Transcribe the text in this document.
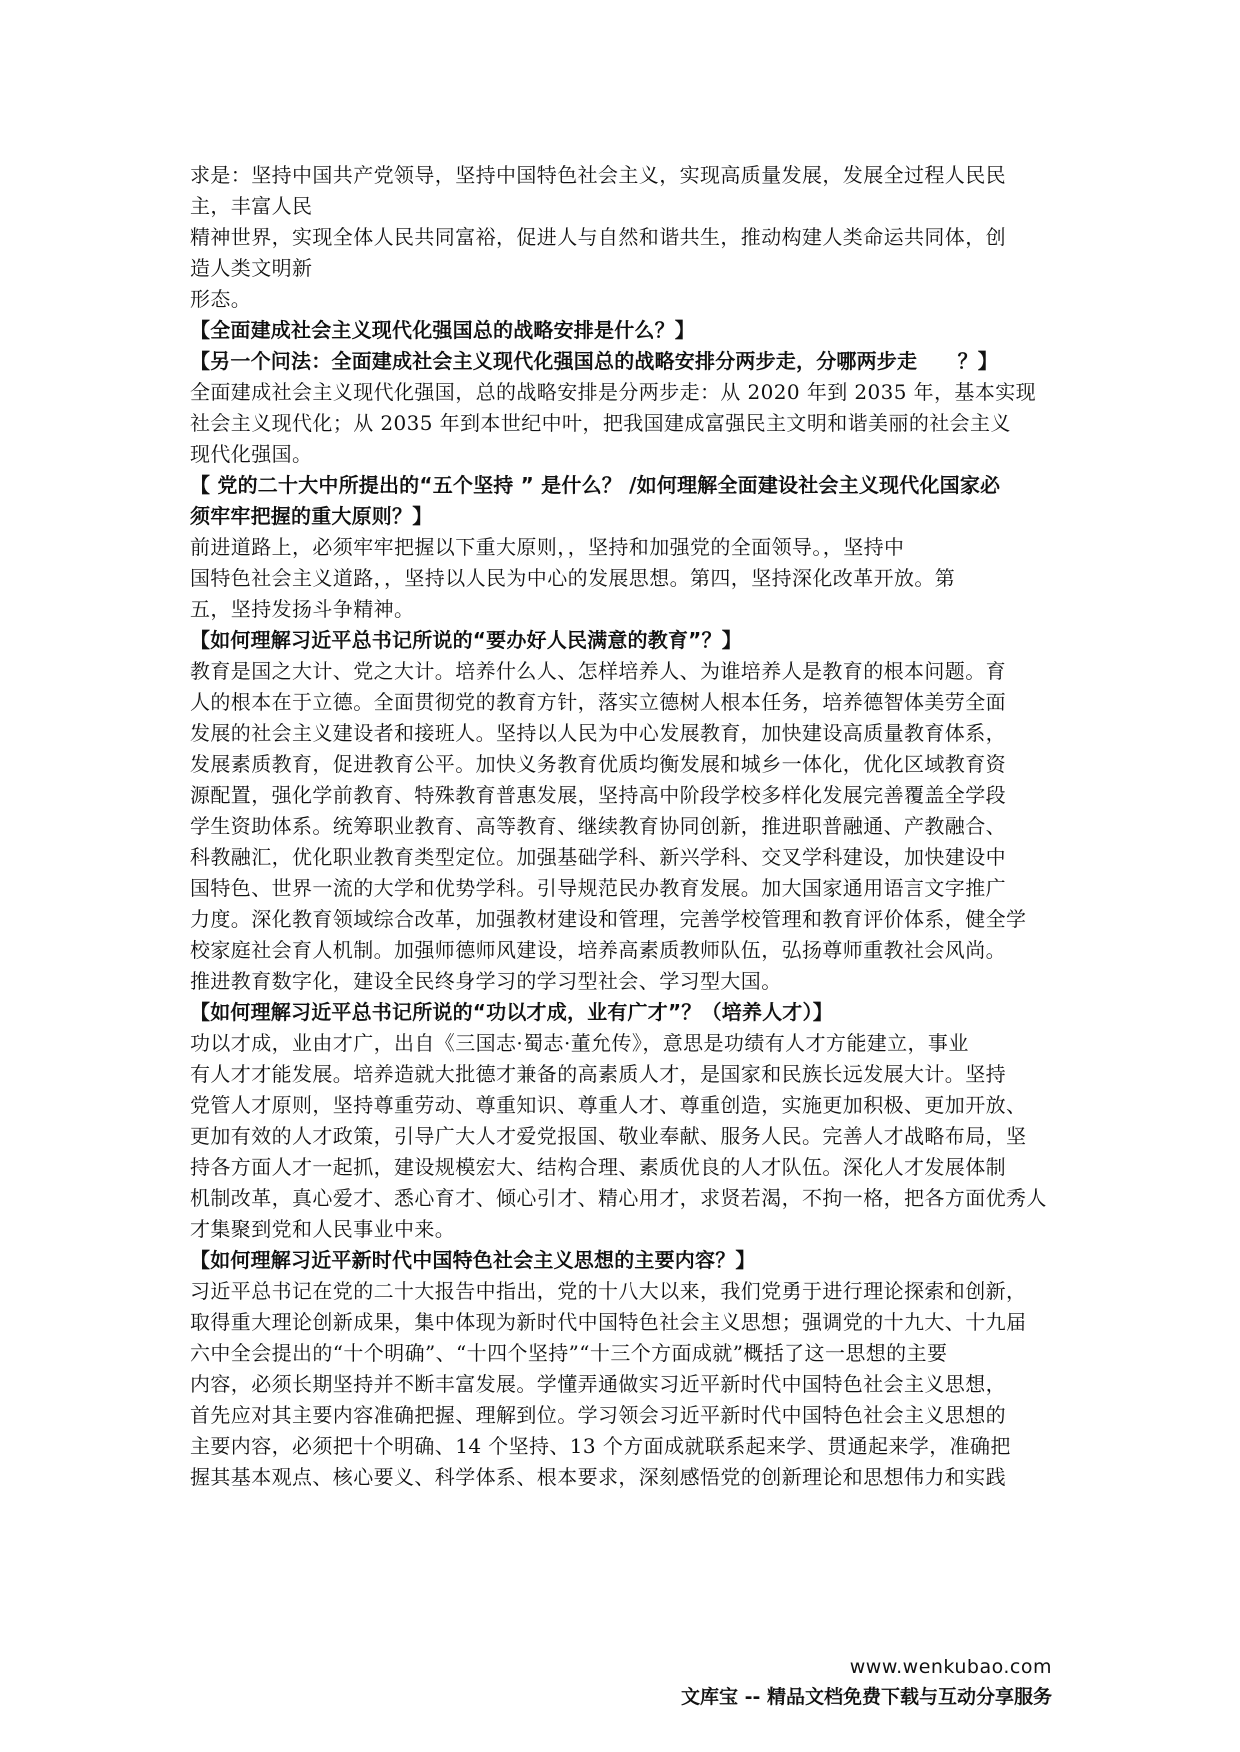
求是：坚持中国共产党领导，坚持中国特色社会主义，实现高质量发展，发展全过程人民民
主，丰富人民
精神世界，实现全体人民共同富裕，促进人与自然和谐共生，推动构建人类命运共同体，创
造人类文明新
形态。
【全面建成社会主义现代化强国总的战略安排是什么？】
【另一个问法：全面建成社会主义现代化强国总的战略安排分两步走，分哪两步走　　？】
全面建成社会主义现代化强国，总的战略安排是分两步走：从 2020 年到 2035 年，基本实现
社会主义现代化；从 2035 年到本世纪中叶，把我国建成富强民主文明和谐美丽的社会主义
现代化强国。
【 党的二十大中所提出的“五个坚持 ” 是什么？ /如何理解全面建设社会主义现代化国家必
须牢牢把握的重大原则？】
前进道路上，必须牢牢把握以下重大原则，，坚持和加强党的全面领导。，坚持中
国特色社会主义道路，，坚持以人民为中心的发展思想。第四，坚持深化改革开放。第
五，坚持发扬斗争精神。
【如何理解习近平总书记所说的“要办好人民满意的教育”？】
教育是国之大计、党之大计。培养什么人、怎样培养人、为谁培养人是教育的根本问题。育
人的根本在于立德。全面贯彻党的教育方针，落实立德树人根本任务，培养德智体美劳全面
发展的社会主义建设者和接班人。坚持以人民为中心发展教育，加快建设高质量教育体系，
发展素质教育，促进教育公平。加快义务教育优质均衡发展和城乡一体化，优化区域教育资
源配置，强化学前教育、特殊教育普惠发展，坚持高中阶段学校多样化发展完善覆盖全学段
学生资助体系。统筹职业教育、高等教育、继续教育协同创新，推进职普融通、产教融合、
科教融汇，优化职业教育类型定位。加强基础学科、新兴学科、交叉学科建设，加快建设中
国特色、世界一流的大学和优势学科。引导规范民办教育发展。加大国家通用语言文字推广
力度。深化教育领域综合改革，加强教材建设和管理，完善学校管理和教育评价体系，健全学
校家庭社会育人机制。加强师德师风建设，培养高素质教师队伍，弘扬尊师重教社会风尚。
推进教育数字化，建设全民终身学习的学习型社会、学习型大国。
【如何理解习近平总书记所说的“功以才成，业有广才”？（培养人才）】
功以才成，业由才广，出自《三国志·蜀志·董允传》，意思是功绩有人才方能建立，事业
有人才才能发展。培养造就大批德才兼备的高素质人才，是国家和民族长远发展大计。坚持
党管人才原则，坚持尊重劳动、尊重知识、尊重人才、尊重创造，实施更加积极、更加开放、
更加有效的人才政策，引导广大人才爱党报国、敬业奉献、服务人民。完善人才战略布局，坚
持各方面人才一起抓，建设规模宏大、结构合理、素质优良的人才队伍。深化人才发展体制
机制改革，真心爱才、悉心育才、倾心引才、精心用才，求贤若渴，不拘一格，把各方面优秀人
才集聚到党和人民事业中来。
【如何理解习近平新时代中国特色社会主义思想的主要内容？】
习近平总书记在党的二十大报告中指出，党的十八大以来，我们党勇于进行理论探索和创新，
取得重大理论创新成果，集中体现为新时代中国特色社会主义思想；强调党的十九大、十九届
六中全会提出的“十个明确”、“十四个坚持”“十三个方面成就”概括了这一思想的主要
内容，必须长期坚持并不断丰富发展。学懂弄通做实习近平新时代中国特色社会主义思想，
首先应对其主要内容准确把握、理解到位。学习领会习近平新时代中国特色社会主义思想的
主要内容，必须把十个明确、14 个坚持、13 个方面成就联系起来学、贯通起来学，准确把
握其基本观点、核心要义、科学体系、根本要求，深刻感悟党的创新理论和思想伟力和实践
www.wenkubao.com
文库宝 -- 精品文档免费下载与互动分享服务
